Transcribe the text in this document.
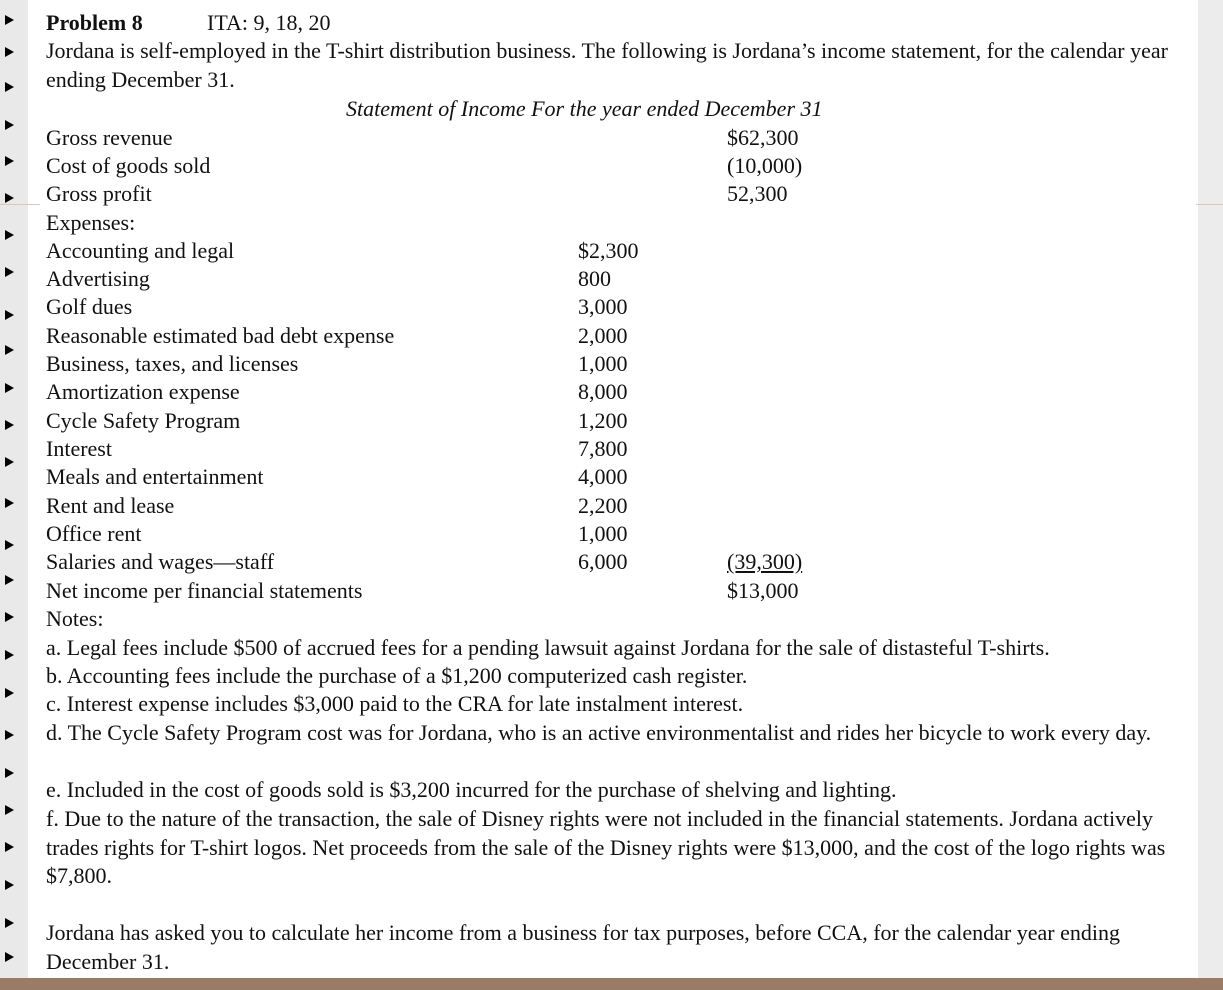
Problem 8	ITA: 9, 18, 20
Jordana is self-employed in the T-shirt distribution business. The following is Jordana’s income statement, for the calendar year ending December 31.
Statement of Income For the year ended December 31
Gross revenue	$62,300
Cost of goods sold	(10,000)
Gross profit	52,300
Expenses:
Accounting and legal	$2,300
Advertising	800
Golf dues	3,000
Reasonable estimated bad debt expense	2,000
Business, taxes, and licenses	1,000
Amortization expense	8,000
Cycle Safety Program	1,200
Interest	7,800
Meals and entertainment	4,000
Rent and lease	2,200
Office rent	1,000
Salaries and wages—staff	6,000	(39,300)
Net income per financial statements	$13,000
Notes:
a. Legal fees include $500 of accrued fees for a pending lawsuit against Jordana for the sale of distasteful T-shirts.
b. Accounting fees include the purchase of a $1,200 computerized cash register.
c. Interest expense includes $3,000 paid to the CRA for late instalment interest.
d. The Cycle Safety Program cost was for Jordana, who is an active environmentalist and rides her bicycle to work every day.
e. Included in the cost of goods sold is $3,200 incurred for the purchase of shelving and lighting.
f. Due to the nature of the transaction, the sale of Disney rights were not included in the financial statements. Jordana actively trades rights for T-shirt logos. Net proceeds from the sale of the Disney rights were $13,000, and the cost of the logo rights was $7,800.
Jordana has asked you to calculate her income from a business for tax purposes, before CCA, for the calendar year ending December 31.
